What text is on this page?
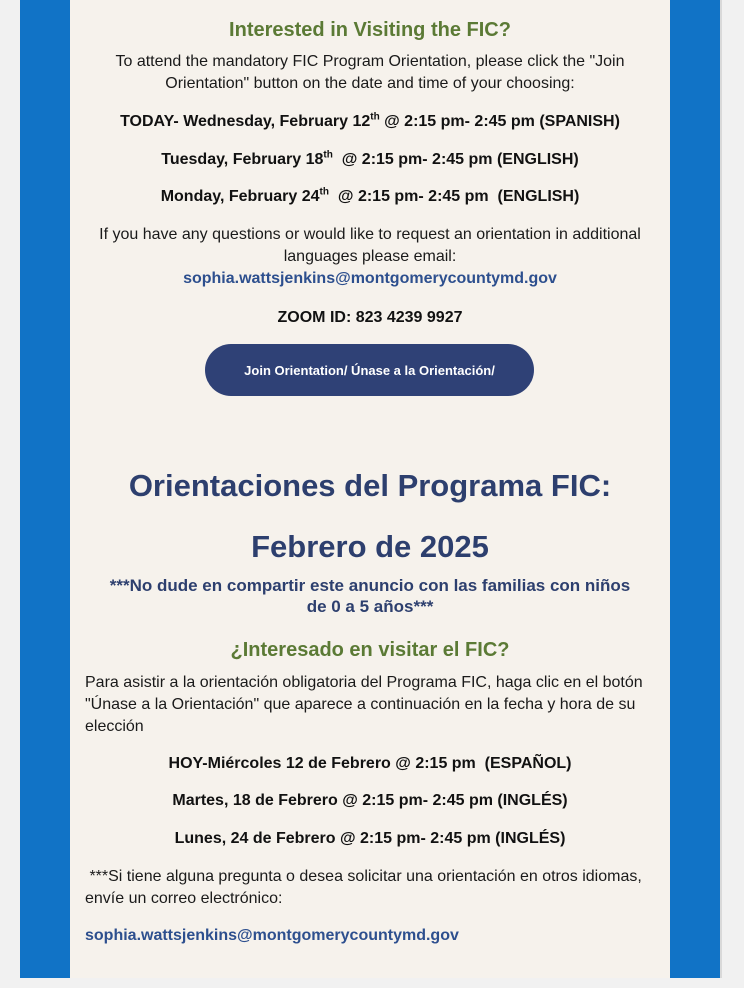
Interested in Visiting the FIC?
To attend the mandatory FIC Program Orientation, please click the "Join
Orientation" button on the date and time of your choosing:
TODAY- Wednesday, February 12th @ 2:15 pm- 2:45 pm (SPANISH)
Tuesday, February 18th  @ 2:15 pm- 2:45 pm (ENGLISH)
Monday, February 24th  @ 2:15 pm- 2:45 pm  (ENGLISH)
If you have any questions or would like to request an orientation in additional
languages please email:
sophia.wattsjenkins@montgomerycountymd.gov
ZOOM ID: 823 4239 9927
Join Orientation/ Únase a la Orientación/
Orientaciones del Programa FIC:
Febrero de 2025
***No dude en compartir este anuncio con las familias con niños
de 0 a 5 años***
¿Interesado en visitar el FIC?
Para asistir a la orientación obligatoria del Programa FIC, haga clic en el botón
"Únase a la Orientación" que aparece a continuación en la fecha y hora de su
elección
HOY-Miércoles 12 de Febrero @ 2:15 pm  (ESPAÑOL)
Martes, 18 de Febrero @ 2:15 pm- 2:45 pm (INGLÉS)
Lunes, 24 de Febrero @ 2:15 pm- 2:45 pm (INGLÉS)
***Si tiene alguna pregunta o desea solicitar una orientación en otros idiomas,
envíe un correo electrónico:
sophia.wattsjenkins@montgomerycountymd.gov
